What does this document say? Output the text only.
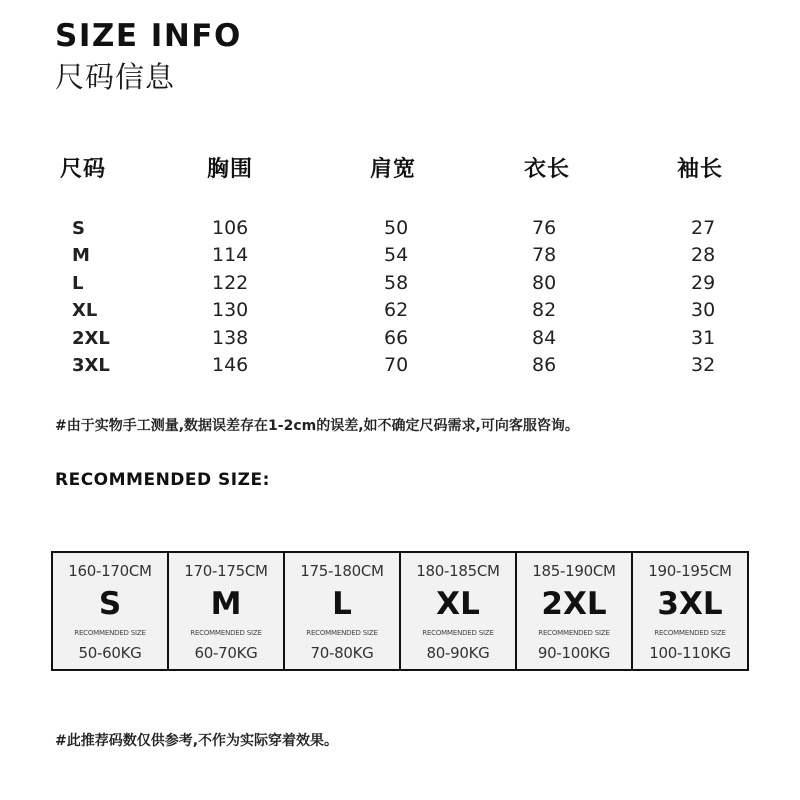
SIZE INFO
尺码信息
尺码	胸围	肩宽	衣长	袖长
S	106	50	76	27
M	114	54	78	28
L	122	58	80	29
XL	130	62	82	30
2XL	138	66	84	31
3XL	146	70	86	32
#由于实物手工测量,数据误差存在1-2cm的误差,如不确定尺码需求,可向客服咨询。
RECOMMENDED SIZE:
160-170CM
S
RECOMMENDED SIZE
50-60KG
170-175CM
M
RECOMMENDED SIZE
60-70KG
175-180CM
L
RECOMMENDED SIZE
70-80KG
180-185CM
XL
RECOMMENDED SIZE
80-90KG
185-190CM
2XL
RECOMMENDED SIZE
90-100KG
190-195CM
3XL
RECOMMENDED SIZE
100-110KG
#此推荐码数仅供参考,不作为实际穿着效果。
